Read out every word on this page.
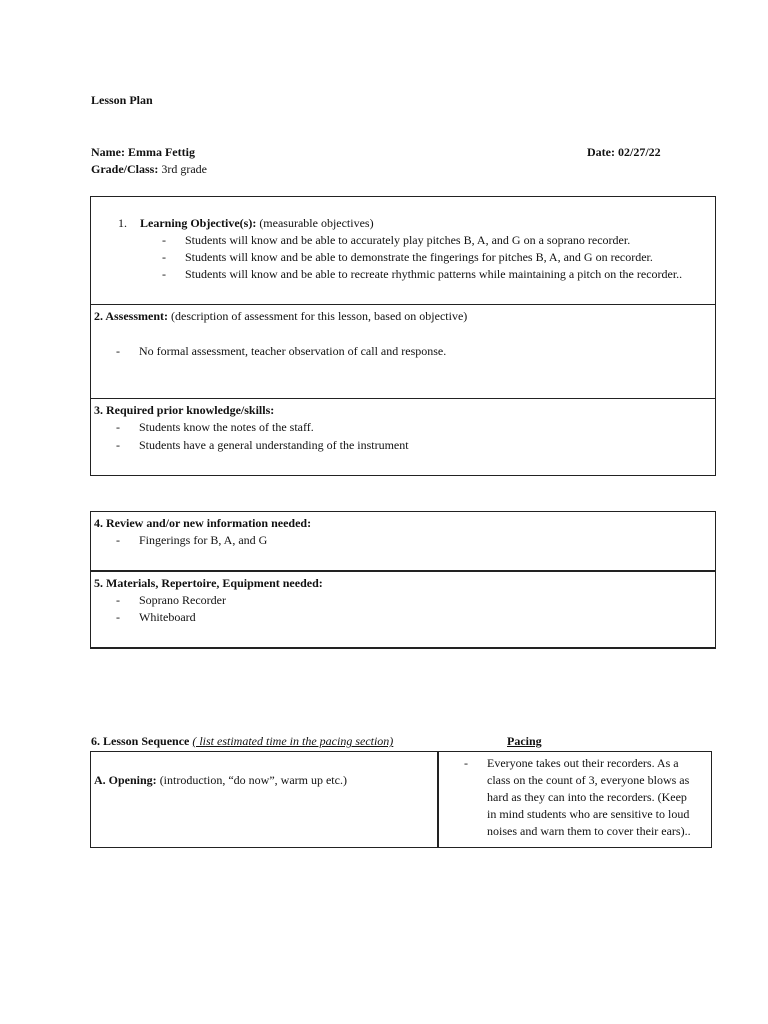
Lesson Plan
Name: Emma Fettig	Date: 02/27/22
Grade/Class: 3rd grade
1. Learning Objective(s): (measurable objectives)
-	Students will know and be able to accurately play pitches B, A, and G on a soprano recorder.
-	Students will know and be able to demonstrate the fingerings for pitches B, A, and G on recorder.
-	Students will know and be able to recreate rhythmic patterns while maintaining a pitch on the recorder..
2. Assessment: (description of assessment for this lesson, based on objective)
-	No formal assessment, teacher observation of call and response.
3. Required prior knowledge/skills:
-	Students know the notes of the staff.
-	Students have a general understanding of the instrument
4. Review and/or new information needed:
-	Fingerings for B, A, and G
5. Materials, Repertoire, Equipment needed:
-	Soprano Recorder
-	Whiteboard
6. Lesson Sequence ( list estimated time in the pacing section)	Pacing
A. Opening: (introduction, “do now”, warm up etc.)
-	Everyone takes out their recorders. As a
class on the count of 3, everyone blows as
hard as they can into the recorders. (Keep
in mind students who are sensitive to loud
noises and warn them to cover their ears)..
